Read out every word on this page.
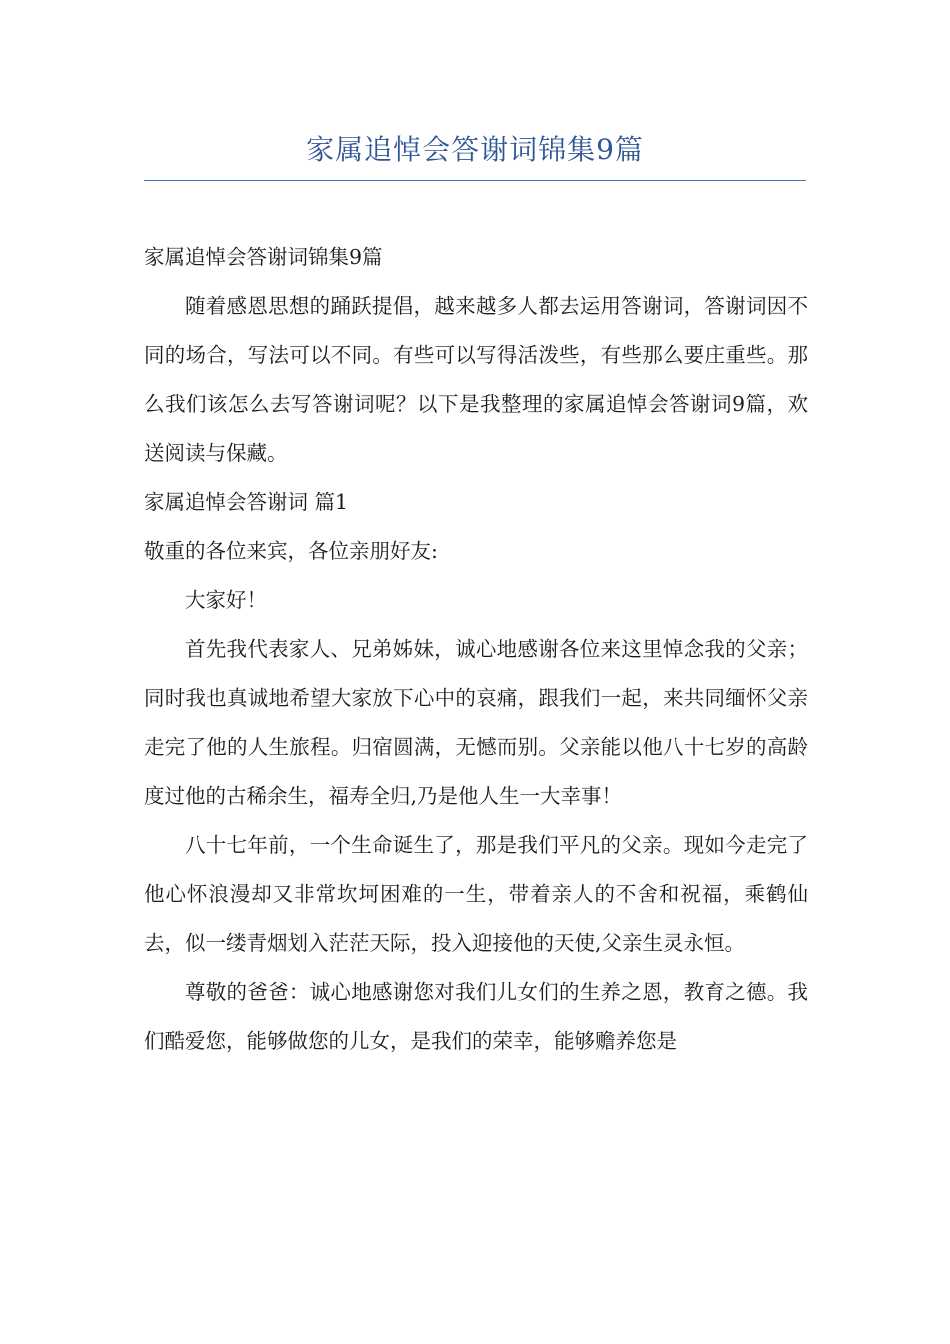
家属追悼会答谢词锦集9篇

家属追悼会答谢词锦集9篇

随着感恩思想的踊跃提倡，越来越多人都去运用答谢词，答谢词因不同的场合，写法可以不同。有些可以写得活泼些，有些那么要庄重些。那么我们该怎么去写答谢词呢？以下是我整理的家属追悼会答谢词9篇，欢送阅读与保藏。

家属追悼会答谢词 篇1

敬重的各位来宾，各位亲朋好友:

大家好！

首先我代表家人、兄弟姊妹，诚心地感谢各位来这里悼念我的父亲；同时我也真诚地希望大家放下心中的哀痛，跟我们一起，来共同缅怀父亲走完了他的人生旅程。归宿圆满，无憾而别。父亲能以他八十七岁的高龄度过他的古稀余生，福寿全归,乃是他人生一大幸事！

八十七年前，一个生命诞生了，那是我们平凡的父亲。现如今走完了他心怀浪漫却又非常坎坷困难的一生，带着亲人的不舍和祝福，乘鹤仙去，似一缕青烟划入茫茫天际，投入迎接他的天使,父亲生灵永恒。

尊敬的爸爸：诚心地感谢您对我们儿女们的生养之恩，教育之德。我们酷爱您，能够做您的儿女，是我们的荣幸，能够赡养您是
